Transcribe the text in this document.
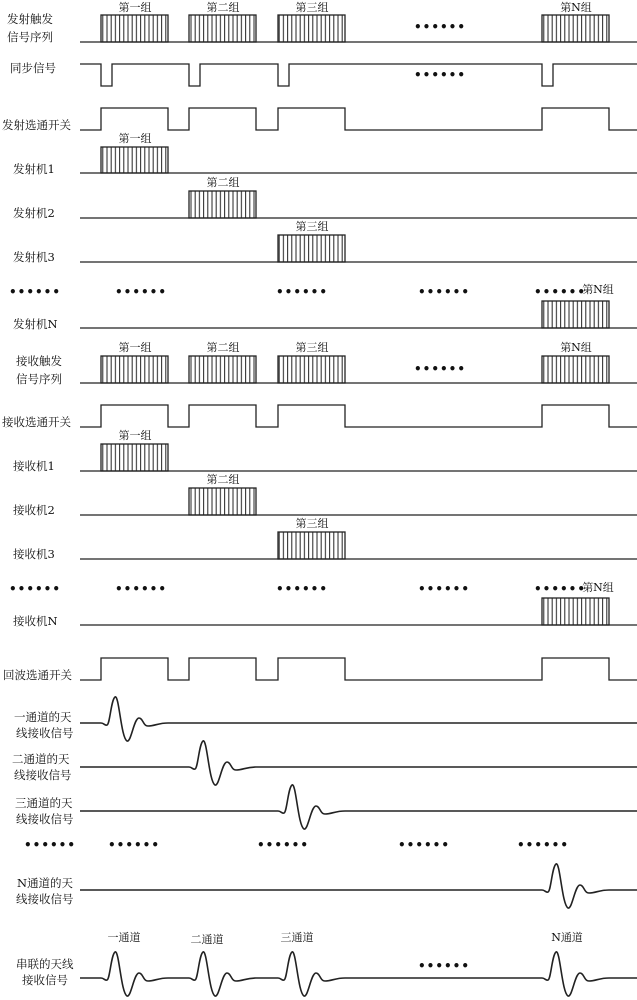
发射触发
信号序列
同步信号
发射选通开关
发射机1
发射机2
发射机3
发射机N
接收触发
信号序列
接收选通开关
接收机1
接收机2
接收机3
接收机N
回波选通开关
一通道的天
线接收信号
二通道的天
线接收信号
三通道的天
线接收信号
N通道的天
线接收信号
串联的天线
接收信号
第一组	第二组	第三组	第N组
第一组
第二组
第三组
第N组
第一组	第二组	第三组	第N组
第一组
第二组
第三组
第N组
一通道	二通道	三通道	N通道
••••••
••••••
••••••	••••••	••••••	••••••	••••••
••••••
••••••	••••••	••••••	••••••	••••••
••••••	••••••	••••••	••••••	••••••
••••••
